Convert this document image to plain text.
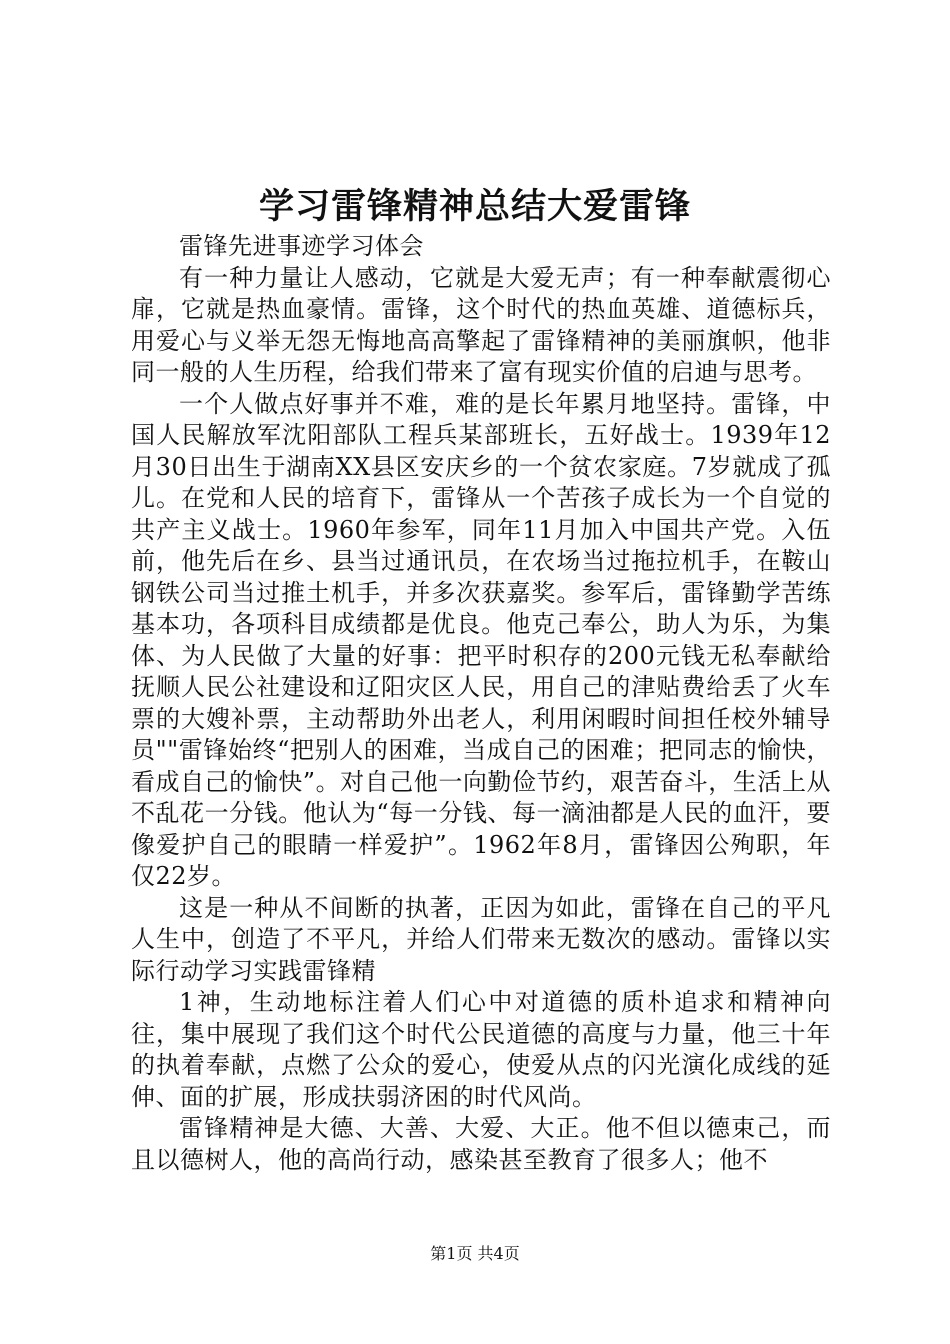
学习雷锋精神总结大爱雷锋

雷锋先进事迹学习体会

有一种力量让人感动，它就是大爱无声；有一种奉献震彻心扉，它就是热血豪情。雷锋，这个时代的热血英雄、道德标兵，用爱心与义举无怨无悔地高高擎起了雷锋精神的美丽旗帜，他非同一般的人生历程，给我们带来了富有现实价值的启迪与思考。

一个人做点好事并不难，难的是长年累月地坚持。雷锋，中国人民解放军沈阳部队工程兵某部班长，五好战士。1939年12月30日出生于湖南XX县区安庆乡的一个贫农家庭。7岁就成了孤儿。在党和人民的培育下，雷锋从一个苦孩子成长为一个自觉的共产主义战士。1960年参军，同年11月加入中国共产党。入伍前，他先后在乡、县当过通讯员，在农场当过拖拉机手，在鞍山钢铁公司当过推土机手，并多次获嘉奖。参军后，雷锋勤学苦练基本功，各项科目成绩都是优良。他克己奉公，助人为乐，为集体、为人民做了大量的好事：把平时积存的200元钱无私奉献给抚顺人民公社建设和辽阳灾区人民，用自己的津贴费给丢了火车票的大嫂补票，主动帮助外出老人，利用闲暇时间担任校外辅导员""雷锋始终“把别人的困难，当成自己的困难；把同志的愉快，看成自己的愉快”。对自己他一向勤俭节约，艰苦奋斗，生活上从不乱花一分钱。他认为“每一分钱、每一滴油都是人民的血汗，要像爱护自己的眼睛一样爱护”。1962年8月，雷锋因公殉职，年仅22岁。

这是一种从不间断的执著，正因为如此，雷锋在自己的平凡人生中，创造了不平凡，并给人们带来无数次的感动。雷锋以实际行动学习实践雷锋精

1神，生动地标注着人们心中对道德的质朴追求和精神向往，集中展现了我们这个时代公民道德的高度与力量，他三十年的执着奉献，点燃了公众的爱心，使爱从点的闪光演化成线的延伸、面的扩展，形成扶弱济困的时代风尚。

雷锋精神是大德、大善、大爱、大正。他不但以德束己，而且以德树人，他的高尚行动，感染甚至教育了很多人；他不

第1页 共4页
